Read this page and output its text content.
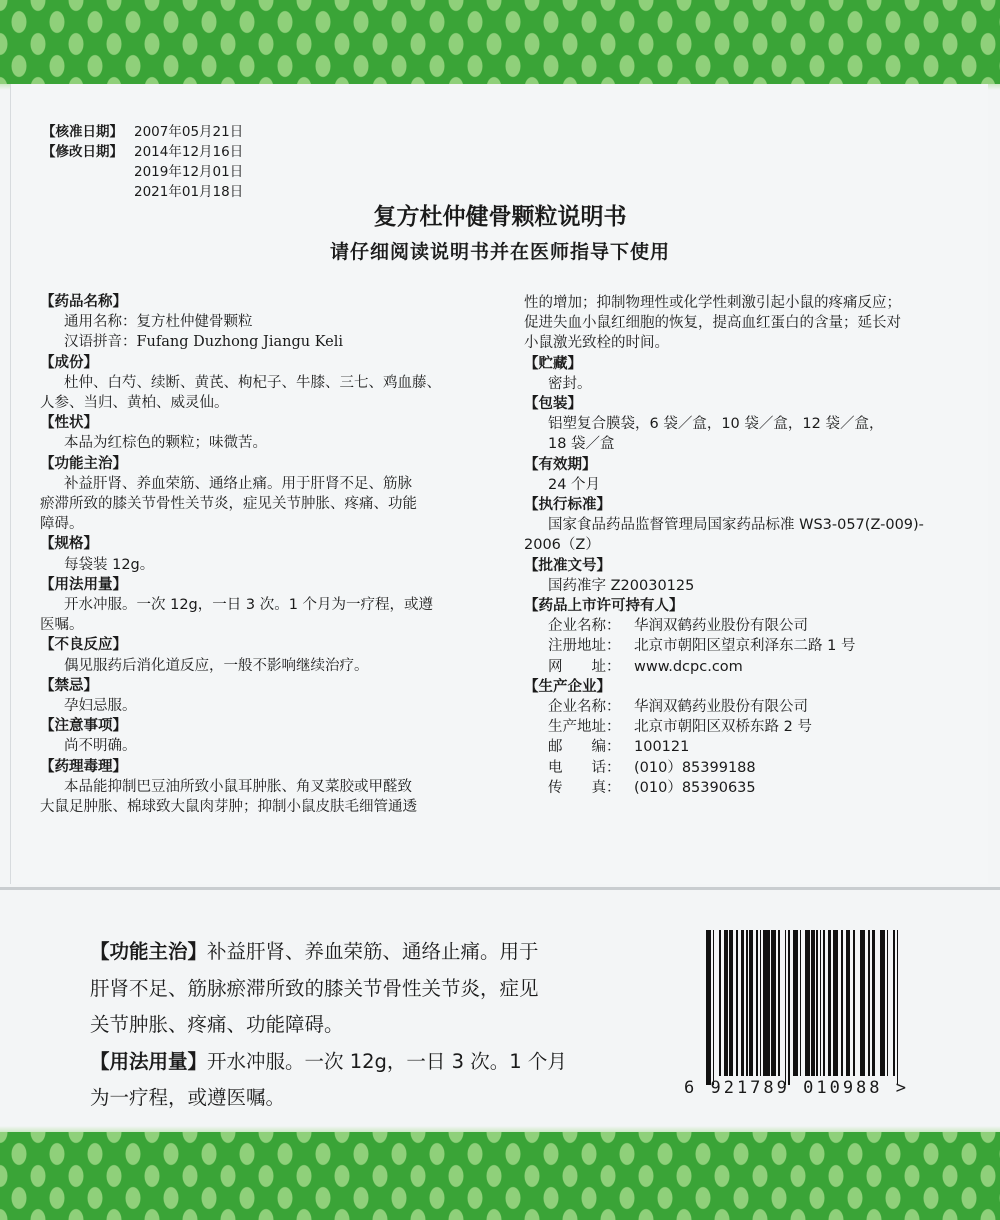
【核准日期】 2007年05月21日
【修改日期】 2014年12月16日
2019年12月01日
2021年01月18日
复方杜仲健骨颗粒说明书
请仔细阅读说明书并在医师指导下使用
【药品名称】
通用名称：复方杜仲健骨颗粒
汉语拼音：Fufang Duzhong Jiangu Keli
【成份】
杜仲、白芍、续断、黄芪、枸杞子、牛膝、三七、鸡血藤、
人参、当归、黄柏、威灵仙。
【性状】
本品为红棕色的颗粒；味微苦。
【功能主治】
补益肝肾、养血荣筋、通络止痛。用于肝肾不足、筋脉
瘀滞所致的膝关节骨性关节炎，症见关节肿胀、疼痛、功能
障碍。
【规格】
每袋装 12g。
【用法用量】
开水冲服。一次 12g，一日 3 次。1 个月为一疗程，或遵
医嘱。
【不良反应】
偶见服药后消化道反应，一般不影响继续治疗。
【禁忌】
孕妇忌服。
【注意事项】
尚不明确。
【药理毒理】
本品能抑制巴豆油所致小鼠耳肿胀、角叉菜胶或甲醛致
大鼠足肿胀、棉球致大鼠肉芽肿；抑制小鼠皮肤毛细管通透
性的增加；抑制物理性或化学性刺激引起小鼠的疼痛反应；
促进失血小鼠红细胞的恢复，提高血红蛋白的含量；延长对
小鼠激光致栓的时间。
【贮藏】
密封。
【包装】
铝塑复合膜袋，6 袋／盒，10 袋／盒，12 袋／盒，
18 袋／盒
【有效期】
24 个月
【执行标准】
国家食品药品监督管理局国家药品标准 WS3-057(Z-009)-
2006（Z）
【批准文号】
国药准字 Z20030125
【药品上市许可持有人】
企业名称： 华润双鹤药业股份有限公司
注册地址： 北京市朝阳区望京利泽东二路 1 号
网　　址： www.dcpc.com
【生产企业】
企业名称： 华润双鹤药业股份有限公司
生产地址： 北京市朝阳区双桥东路 2 号
邮　　编： 100121
电　　话： (010）85399188
传　　真： (010）85390635
【功能主治】补益肝肾、养血荣筋、通络止痛。用于
肝肾不足、筋脉瘀滞所致的膝关节骨性关节炎，症见
关节肿胀、疼痛、功能障碍。
【用法用量】开水冲服。一次 12g，一日 3 次。1 个月
为一疗程，或遵医嘱。	6 921789 010988 >
